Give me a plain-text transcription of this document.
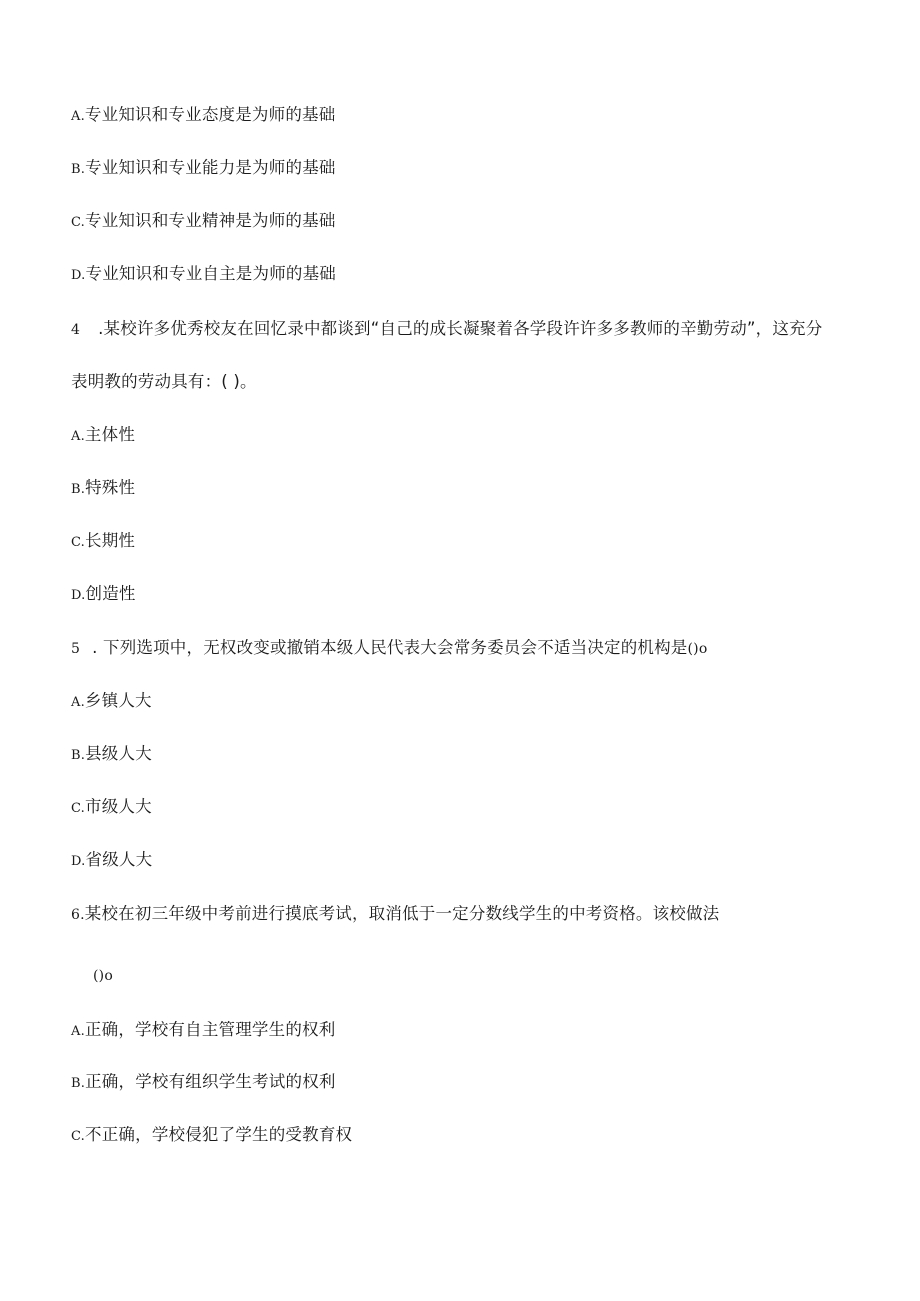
A.专业知识和专业态度是为师的基础
B.专业知识和专业能力是为师的基础
C.专业知识和专业精神是为师的基础
D.专业知识和专业自主是为师的基础
4 .某校许多优秀校友在回忆录中都谈到“自己的成长凝聚着各学段许许多多教师的辛勤劳动”，这充分
表明教的劳动具有：( )。
A.主体性
B.特殊性
C.长期性
D.创造性
5 . 下列选项中，无权改变或撤销本级人民代表大会常务委员会不适当决定的机构是()o
A.乡镇人大
B.县级人大
C.市级人大
D.省级人大
6.某校在初三年级中考前进行摸底考试，取消低于一定分数线学生的中考资格。该校做法
()o
A.正确，学校有自主管理学生的权利
B.正确，学校有组织学生考试的权利
C.不正确，学校侵犯了学生的受教育权
